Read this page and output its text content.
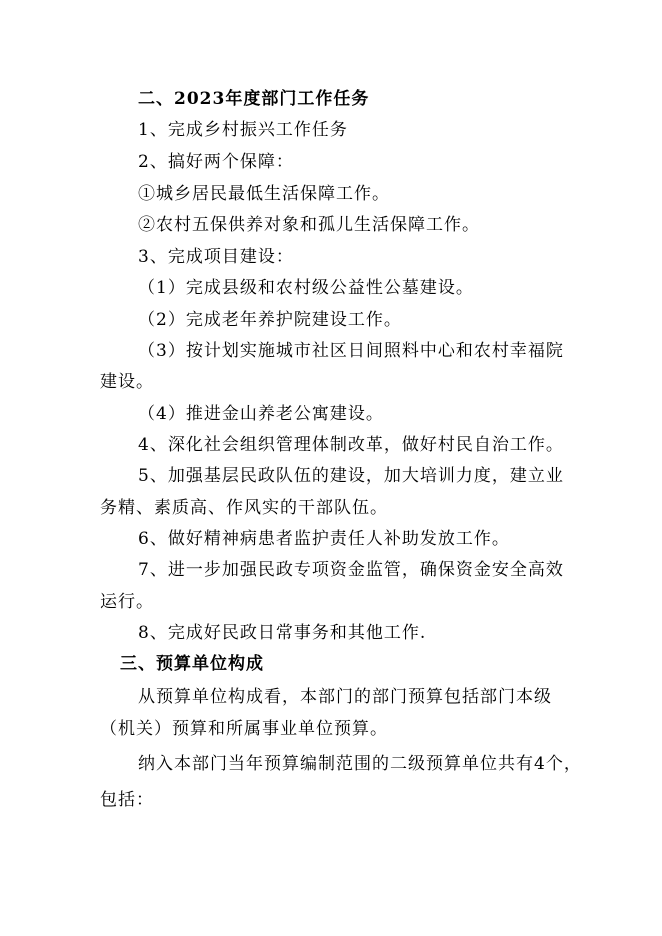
二、2023年度部门工作任务
1、完成乡村振兴工作任务
2、搞好两个保障：
①城乡居民最低生活保障工作。
②农村五保供养对象和孤儿生活保障工作。
3、完成项目建设：
（1）完成县级和农村级公益性公墓建设。
（2）完成老年养护院建设工作。
（3）按计划实施城市社区日间照料中心和农村幸福院
建设。
（4）推进金山养老公寓建设。
4、深化社会组织管理体制改革，做好村民自治工作。
5、加强基层民政队伍的建设，加大培训力度，建立业
务精、素质高、作风实的干部队伍。
6、做好精神病患者监护责任人补助发放工作。
7、进一步加强民政专项资金监管，确保资金安全高效
运行。
8、完成好民政日常事务和其他工作.
三、预算单位构成
从预算单位构成看，本部门的部门预算包括部门本级
（机关）预算和所属事业单位预算。
纳入本部门当年预算编制范围的二级预算单位共有4个，
包括：
